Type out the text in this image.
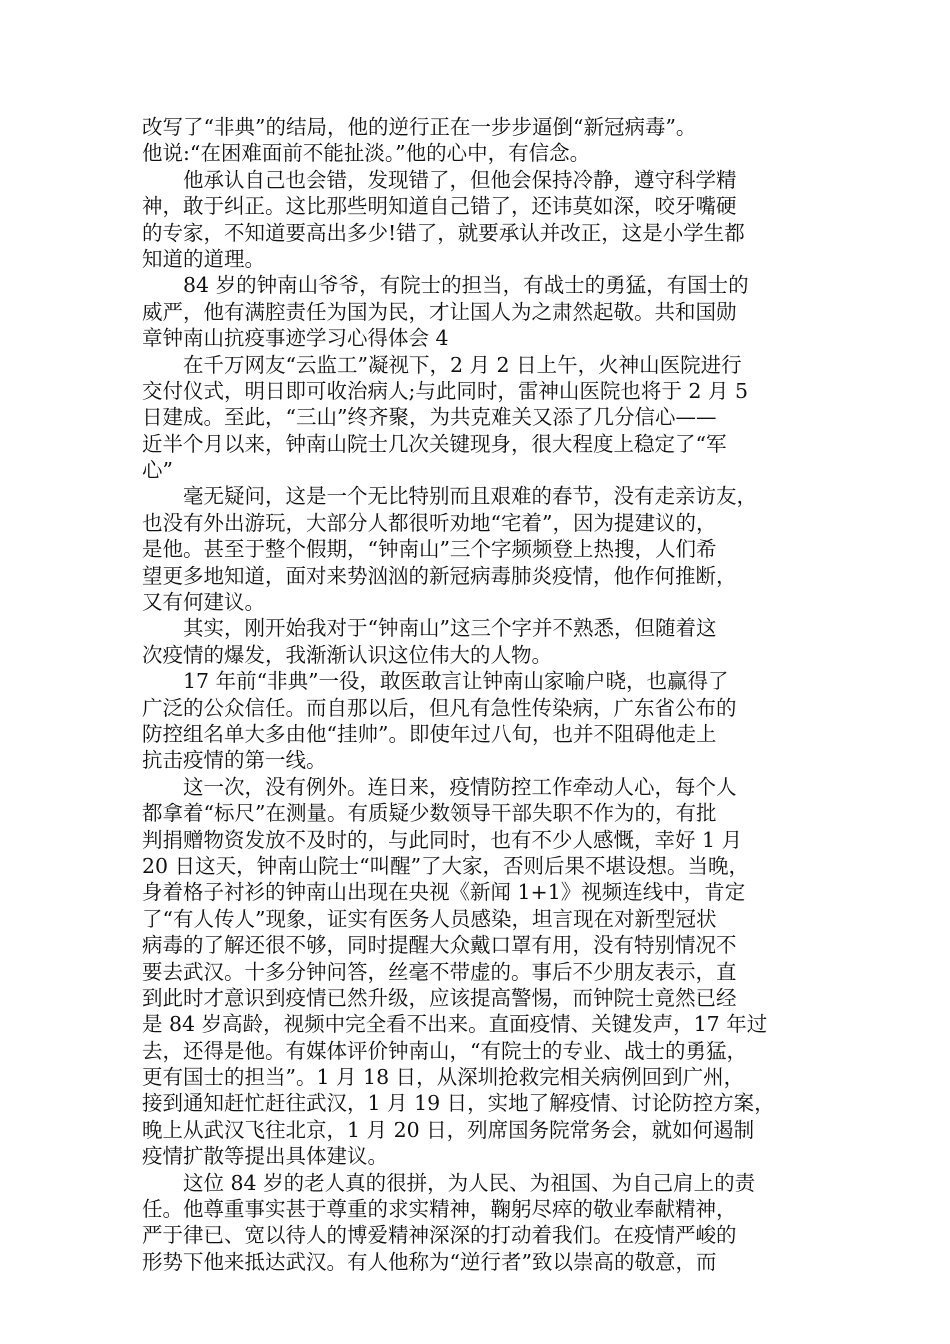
改写了“非典”的结局，他的逆行正在一步步逼倒“新冠病毒”。
他说:“在困难面前不能扯淡。”他的心中，有信念。
　　他承认自己也会错，发现错了，但他会保持冷静，遵守科学精
神，敢于纠正。这比那些明知道自己错了，还讳莫如深，咬牙嘴硬
的专家，不知道要高出多少!错了，就要承认并改正，这是小学生都
知道的道理。
　　84 岁的钟南山爷爷，有院士的担当，有战士的勇猛，有国士的
威严，他有满腔责任为国为民，才让国人为之肃然起敬。共和国勋
章钟南山抗疫事迹学习心得体会 4
　　在千万网友“云监工”凝视下，2 月 2 日上午，火神山医院进行
交付仪式，明日即可收治病人;与此同时，雷神山医院也将于 2 月 5
日建成。至此，“三山”终齐聚，为共克难关又添了几分信心——
近半个月以来，钟南山院士几次关键现身，很大程度上稳定了“军
心”
　　毫无疑问，这是一个无比特别而且艰难的春节，没有走亲访友，
也没有外出游玩，大部分人都很听劝地“宅着”，因为提建议的，
是他。甚至于整个假期，“钟南山”三个字频频登上热搜，人们希
望更多地知道，面对来势汹汹的新冠病毒肺炎疫情，他作何推断，
又有何建议。
　　其实，刚开始我对于“钟南山”这三个字并不熟悉，但随着这
次疫情的爆发，我渐渐认识这位伟大的人物。
　　17 年前“非典”一役，敢医敢言让钟南山家喻户晓，也赢得了
广泛的公众信任。而自那以后，但凡有急性传染病，广东省公布的
防控组名单大多由他“挂帅”。即使年过八旬，也并不阻碍他走上
抗击疫情的第一线。
　　这一次，没有例外。连日来，疫情防控工作牵动人心，每个人
都拿着“标尺”在测量。有质疑少数领导干部失职不作为的，有批
判捐赠物资发放不及时的，与此同时，也有不少人感慨，幸好 1 月
20 日这天，钟南山院士“叫醒”了大家，否则后果不堪设想。当晚，
身着格子衬衫的钟南山出现在央视《新闻 1+1》视频连线中，肯定
了“有人传人”现象，证实有医务人员感染，坦言现在对新型冠状
病毒的了解还很不够，同时提醒大众戴口罩有用，没有特别情况不
要去武汉。十多分钟问答，丝毫不带虚的。事后不少朋友表示，直
到此时才意识到疫情已然升级，应该提高警惕，而钟院士竟然已经
是 84 岁高龄，视频中完全看不出来。直面疫情、关键发声，17 年过
去，还得是他。有媒体评价钟南山，“有院士的专业、战士的勇猛，
更有国士的担当”。1 月 18 日，从深圳抢救完相关病例回到广州，
接到通知赶忙赶往武汉，1 月 19 日，实地了解疫情、讨论防控方案，
晚上从武汉飞往北京，1 月 20 日，列席国务院常务会，就如何遏制
疫情扩散等提出具体建议。
　　这位 84 岁的老人真的很拼，为人民、为祖国、为自己肩上的责
任。他尊重事实甚于尊重的求实精神，鞠躬尽瘁的敬业奉献精神，
严于律已、宽以待人的博爱精神深深的打动着我们。在疫情严峻的
形势下他来抵达武汉。有人他称为“逆行者”致以崇高的敬意，而
